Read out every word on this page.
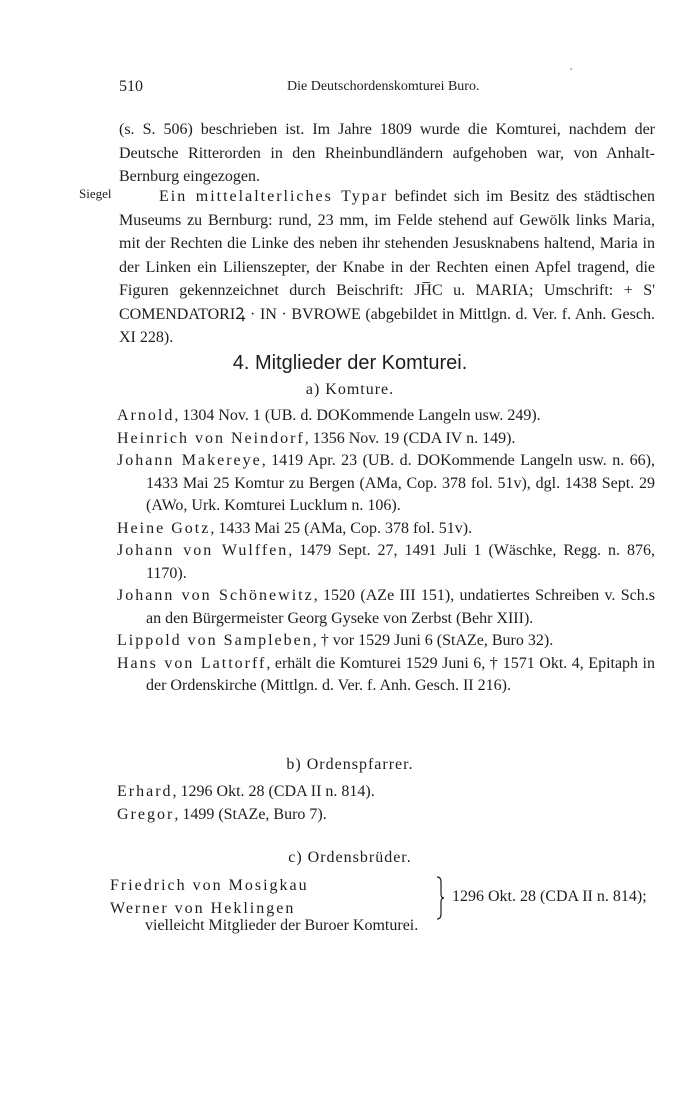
510	Die Deutschordenskomturei Buro.
(s. S. 506) beschrieben ist. Im Jahre 1809 wurde die Komturei, nachdem der Deutsche Ritterorden in den Rheinbundländern aufgehoben war, von Anhalt-Bernburg eingezogen.
Siegel	Ein mittelalterliches Typar befindet sich im Besitz des städtischen Museums zu Bernburg: rund, 23 mm, im Felde stehend auf Gewölk links Maria, mit der Rechten die Linke des neben ihr stehenden Jesusknabens haltend, Maria in der Linken ein Lilienszepter, der Knabe in der Rechten einen Apfel tragend, die Figuren gekennzeichnet durch Beischrift: JH̅C u. MARIA; Umschrift: + S' COMENDATORIꝜ · IN · BVROWE (abgebildet in Mittlgn. d. Ver. f. Anh. Gesch. XI 228).
4. Mitglieder der Komturei.
a) Komture.
Arnold, 1304 Nov. 1 (UB. d. DOKommende Langeln usw. 249).
Heinrich von Neindorf, 1356 Nov. 19 (CDA IV n. 149).
Johann Makereye, 1419 Apr. 23 (UB. d. DOKommende Langeln usw. n. 66), 1433 Mai 25 Komtur zu Bergen (AMa, Cop. 378 fol. 51v), dgl. 1438 Sept. 29 (AWo, Urk. Komturei Lucklum n. 106).
Heine Gotz, 1433 Mai 25 (AMa, Cop. 378 fol. 51v).
Johann von Wulffen, 1479 Sept. 27, 1491 Juli 1 (Wäschke, Regg. n. 876, 1170).
Johann von Schönewitz, 1520 (AZe III 151), undatiertes Schreiben v. Sch.s an den Bürgermeister Georg Gyseke von Zerbst (Behr XIII).
Lippold von Sampleben, † vor 1529 Juni 6 (StAZe, Buro 32).
Hans von Lattorff, erhält die Komturei 1529 Juni 6, † 1571 Okt. 4, Epitaph in der Ordenskirche (Mittlgn. d. Ver. f. Anh. Gesch. II 216).
b) Ordenspfarrer.
Erhard, 1296 Okt. 28 (CDA II n. 814).
Gregor, 1499 (StAZe, Buro 7).
c) Ordensbrüder.
Friedrich von Mosigkau
Werner von Heklingen
1296 Okt. 28 (CDA II n. 814);
vielleicht Mitglieder der Buroer Komturei.
